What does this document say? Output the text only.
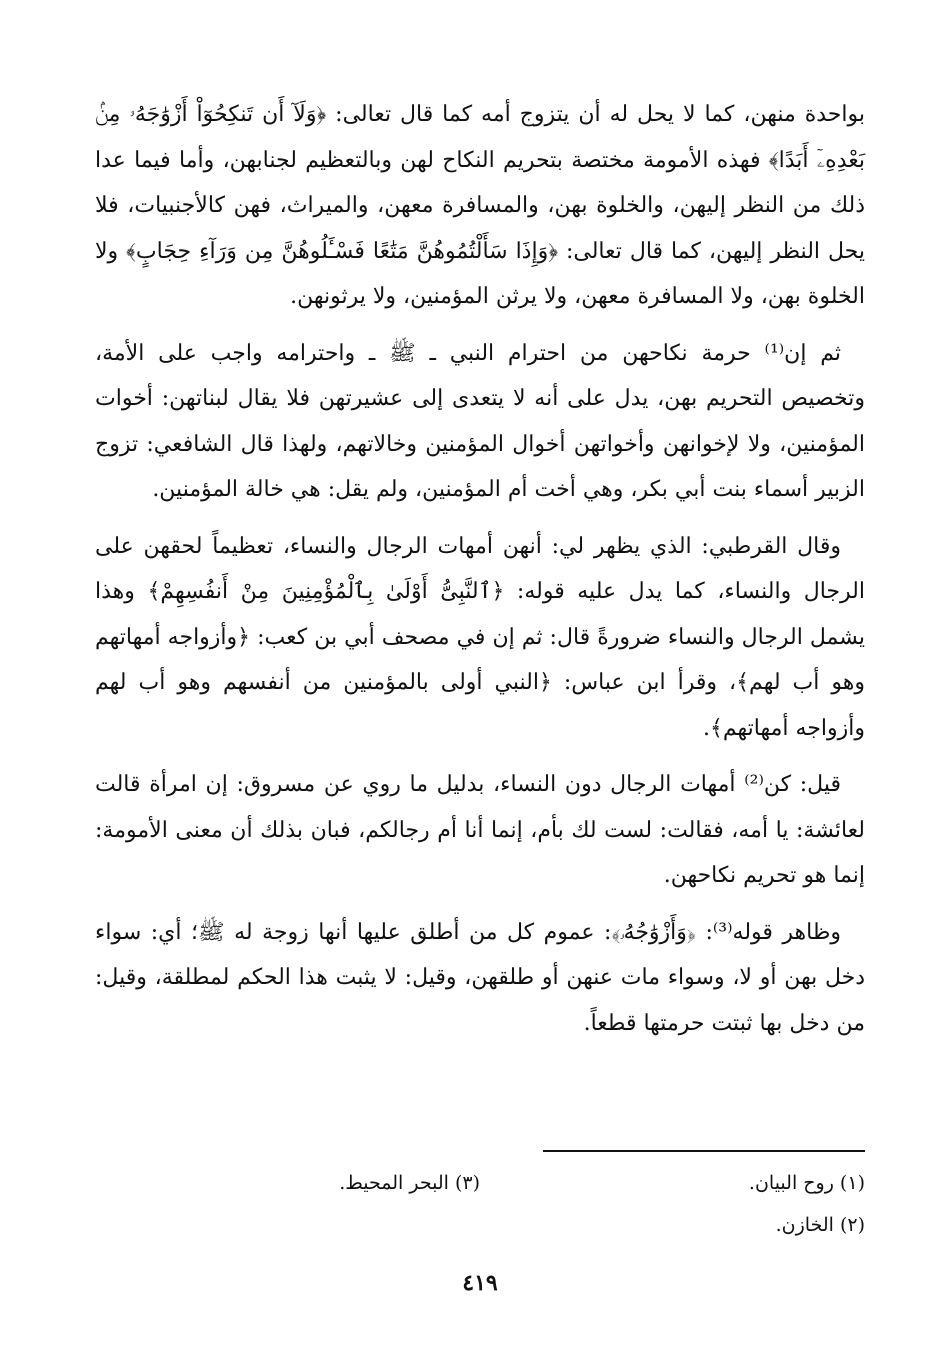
بواحدة منهن، كما لا يحل له أن يتزوج أمه كما قال تعالى: ﴿وَلَآ أَن تَنكِحُوٓاْ أَزْوَٰجَهُۥ مِنۢ بَعْدِهِۦٓ أَبَدًا﴾ فهذه الأمومة مختصة بتحريم النكاح لهن وبالتعظيم لجنابهن، وأما فيما عدا ذلك من النظر إليهن، والخلوة بهن، والمسافرة معهن، والميراث، فهن كالأجنبيات، فلا يحل النظر إليهن، كما قال تعالى: ﴿وَإِذَا سَأَلْتُمُوهُنَّ مَتَٰعًا فَسْـَٔلُوهُنَّ مِن وَرَآءِ حِجَابٍ﴾ ولا الخلوة بهن، ولا المسافرة معهن، ولا يرثن المؤمنين، ولا يرثونهن.

ثم إن⁽¹⁾ حرمة نكاحهن من احترام النبي ـ ﷺ ـ واحترامه واجب على الأمة، وتخصيص التحريم بهن، يدل على أنه لا يتعدى إلى عشيرتهن فلا يقال لبناتهن: أخوات المؤمنين، ولا لإخوانهن وأخواتهن أخوال المؤمنين وخالاتهم، ولهذا قال الشافعي: تزوج الزبير أسماء بنت أبي بكر، وهي أخت أم المؤمنين، ولم يقل: هي خالة المؤمنين.

وقال القرطبي: الذي يظهر لي: أنهن أمهات الرجال والنساء، تعظيماً لحقهن على الرجال والنساء، كما يدل عليه قوله: ﴿ٱلنَّبِىُّ أَوْلَىٰ بِٱلْمُؤْمِنِينَ مِنْ أَنفُسِهِمْ﴾ وهذا يشمل الرجال والنساء ضرورةً قال: ثم إن في مصحف أبي بن كعب: ﴿وأزواجه أمهاتهم وهو أب لهم﴾، وقرأ ابن عباس: ﴿النبي أولى بالمؤمنين من أنفسهم وهو أب لهم وأزواجه أمهاتهم﴾.

قيل: كن⁽²⁾ أمهات الرجال دون النساء، بدليل ما روي عن مسروق: إن امرأة قالت لعائشة: يا أمه، فقالت: لست لك بأم، إنما أنا أم رجالكم، فبان بذلك أن معنى الأمومة: إنما هو تحريم نكاحهن.

وظاهر قوله⁽³⁾: ﴿وَأَزْوَٰجُهُۥ﴾: عموم كل من أطلق عليها أنها زوجة له ﷺ؛ أي: سواء دخل بهن أو لا، وسواء مات عنهن أو طلقهن، وقيل: لا يثبت هذا الحكم لمطلقة، وقيل: من دخل بها ثبتت حرمتها قطعاً.

(١) روح البيان.
(٣) البحر المحيط.
(٢) الخازن.
٤١٩
